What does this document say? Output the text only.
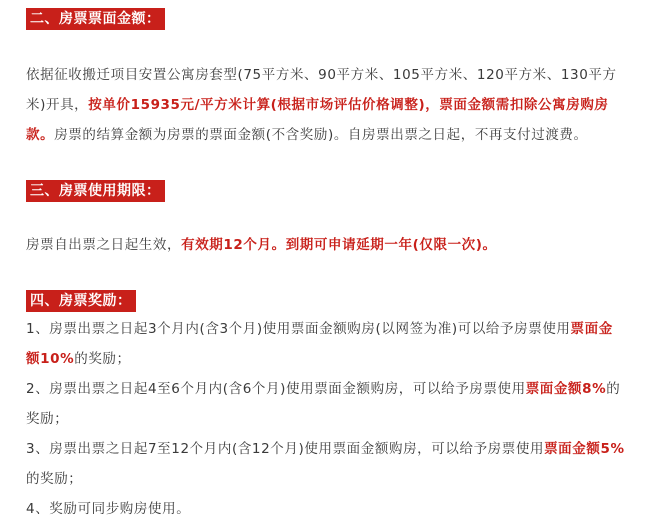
二、房票票面金额：
依据征收搬迁项目安置公寓房套型(75平方米、90平方米、105平方米、120平方米、130平方
米)开具，按单价15935元/平方米计算(根据市场评估价格调整)，票面金额需扣除公寓房购房
款。房票的结算金额为房票的票面金额(不含奖励)。自房票出票之日起，不再支付过渡费。
三、房票使用期限：
房票自出票之日起生效，有效期12个月。到期可申请延期一年(仅限一次)。
四、房票奖励：
1、房票出票之日起3个月内(含3个月)使用票面金额购房(以网签为准)可以给予房票使用票面金
额10%的奖励；
2、房票出票之日起4至6个月内(含6个月)使用票面金额购房，可以给予房票使用票面金额8%的
奖励；
3、房票出票之日起7至12个月内(含12个月)使用票面金额购房，可以给予房票使用票面金额5%
的奖励；
4、奖励可同步购房使用。
